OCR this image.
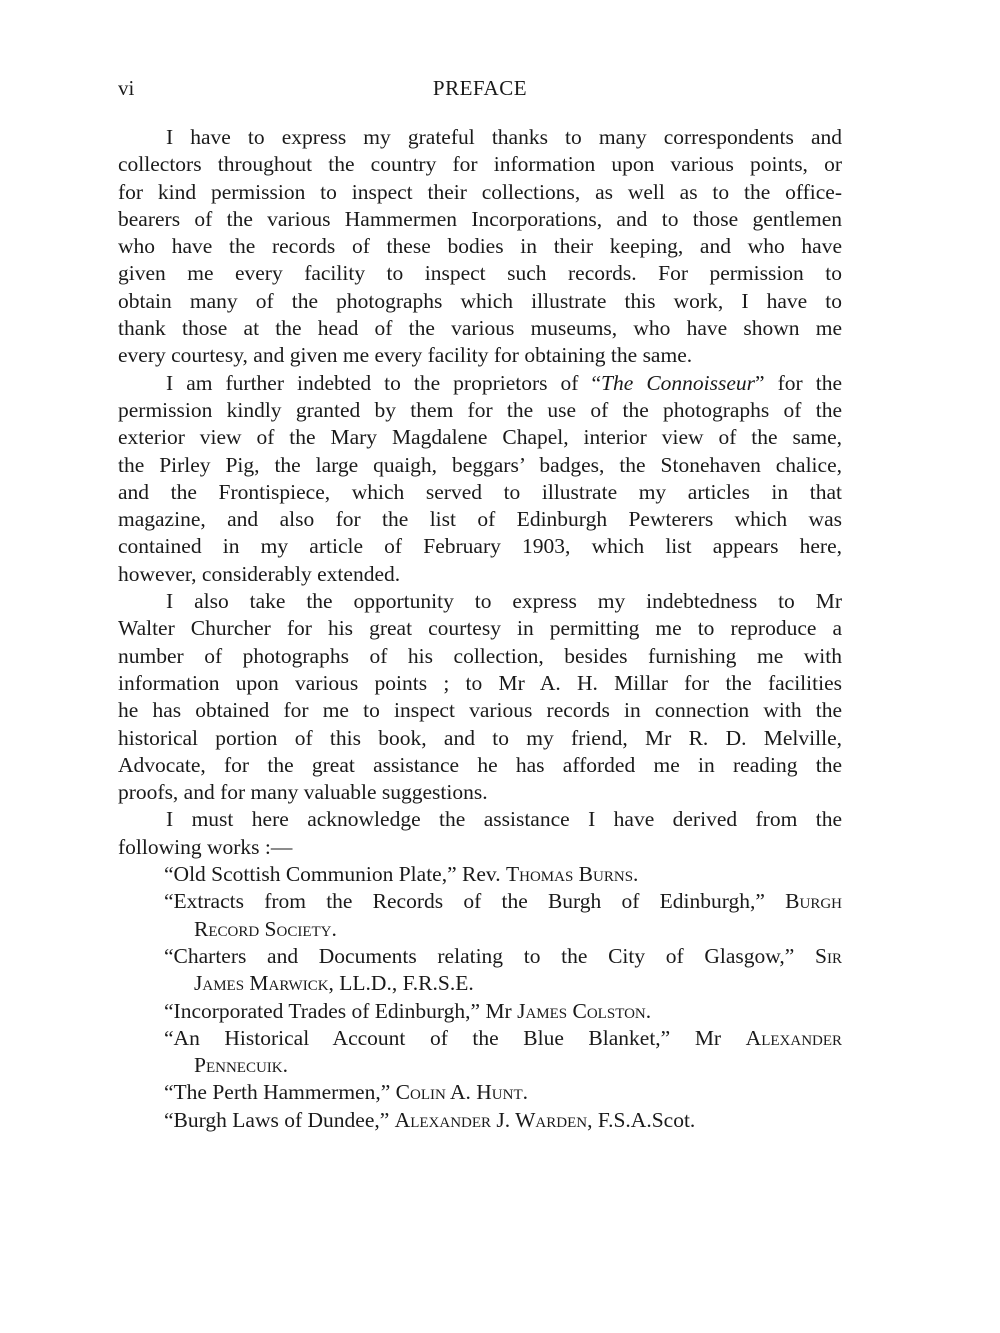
vi	PREFACE
I have to express my grateful thanks to many correspondents and
collectors throughout the country for information upon various points, or
for kind permission to inspect their collections, as well as to the office-
bearers of the various Hammermen Incorporations, and to those gentlemen
who have the records of these bodies in their keeping, and who have
given me every facility to inspect such records. For permission to
obtain many of the photographs which illustrate this work, I have to
thank those at the head of the various museums, who have shown me
every courtesy, and given me every facility for obtaining the same.
I am further indebted to the proprietors of “The Connoisseur” for the
permission kindly granted by them for the use of the photographs of the
exterior view of the Mary Magdalene Chapel, interior view of the same,
the Pirley Pig, the large quaigh, beggars’ badges, the Stonehaven chalice,
and the Frontispiece, which served to illustrate my articles in that
magazine, and also for the list of Edinburgh Pewterers which was
contained in my article of February 1903, which list appears here,
however, considerably extended.
I also take the opportunity to express my indebtedness to Mr
Walter Churcher for his great courtesy in permitting me to reproduce a
number of photographs of his collection, besides furnishing me with
information upon various points ; to Mr A. H. Millar for the facilities
he has obtained for me to inspect various records in connection with the
historical portion of this book, and to my friend, Mr R. D. Melville,
Advocate, for the great assistance he has afforded me in reading the
proofs, and for many valuable suggestions.
I must here acknowledge the assistance I have derived from the
following works :—
“Old Scottish Communion Plate,” Rev. Thomas Burns.
“Extracts from the Records of the Burgh of Edinburgh,” Burgh
Record Society.
“Charters and Documents relating to the City of Glasgow,” Sir
James Marwick, LL.D., F.R.S.E.
“Incorporated Trades of Edinburgh,” Mr James Colston.
“An Historical Account of the Blue Blanket,” Mr Alexander
Pennecuik.
“The Perth Hammermen,” Colin A. Hunt.
“Burgh Laws of Dundee,” Alexander J. Warden, F.S.A.Scot.
